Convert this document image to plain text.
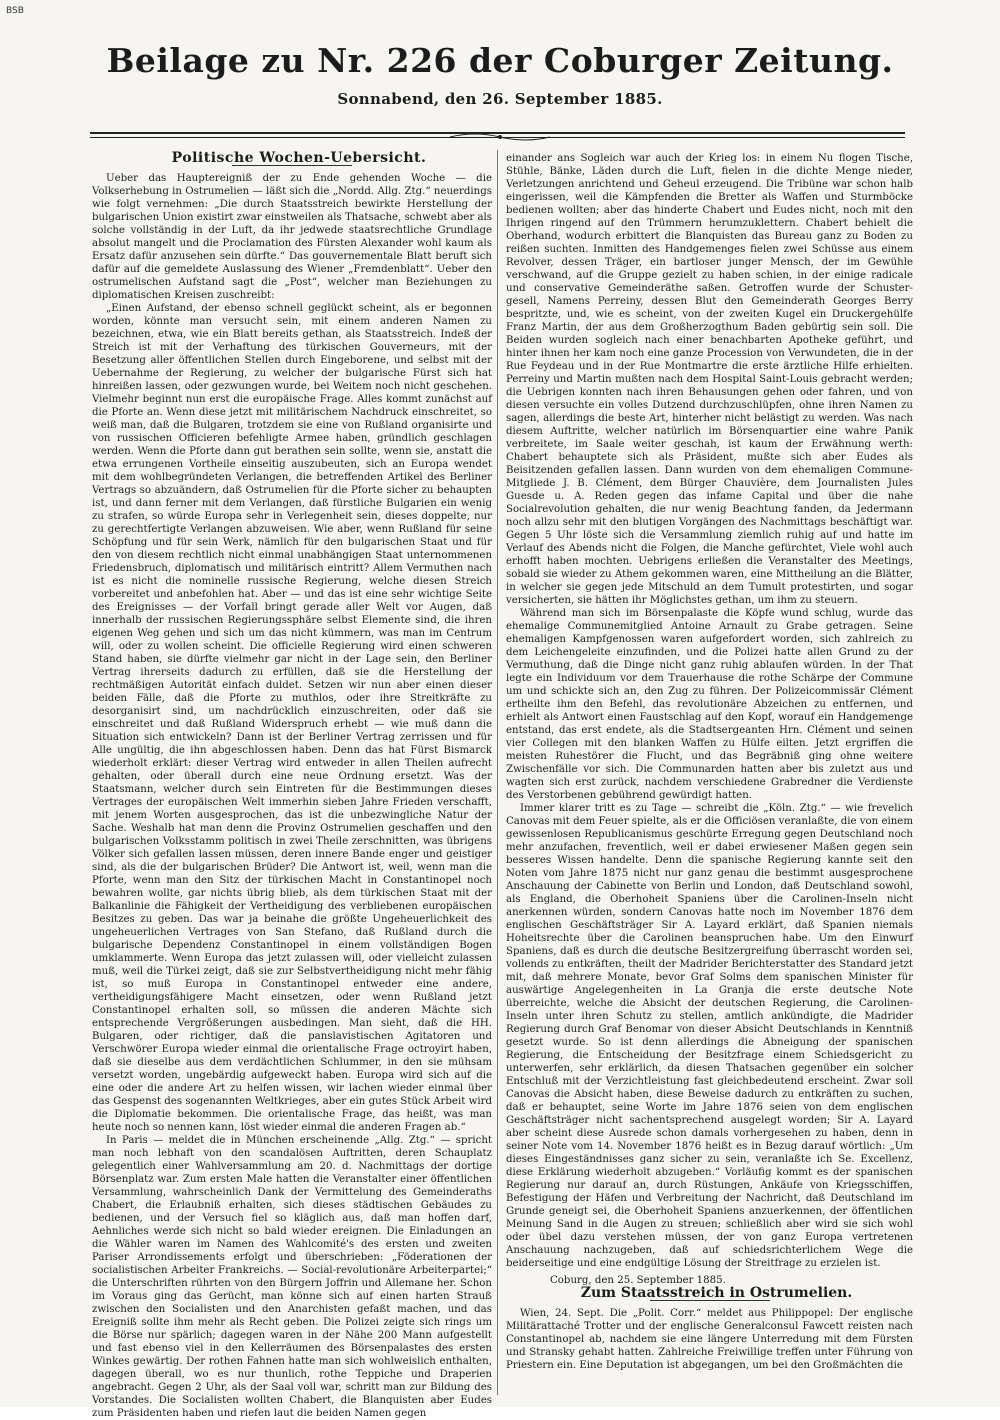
BSB
Beilage zu Nr. 226 der Coburger Zeitung.
Sonnabend, den 26. September 1885.

Politische Wochen-Uebersicht.

Ueber das Hauptereigniß der zu Ende gehenden Woche — die Volkserhebung in Ostrumelien — läßt sich die „Nordd. Allg. Ztg.“ neuerdings wie folgt vernehmen: „Die durch Staatsstreich bewirkte Herstellung der bulgarischen Union existirt zwar einstweilen als Thatsache, schwebt aber als solche vollständig in der Luft, da ihr jedwede staatsrechtliche Grundlage absolut mangelt und die Proclamation des Fürsten Alexander wohl kaum als Ersatz dafür anzusehen sein dürfte.“ Das gouvernementale Blatt beruft sich dafür auf die gemeldete Auslassung des Wiener „Fremdenblatt“. Ueber den ostrumelischen Aufstand sagt die „Post“, welcher man Beziehungen zu diplomatischen Kreisen zuschreibt:

„Einen Aufstand, der ebenso schnell geglückt scheint, als er begonnen worden, könnte man versucht sein, mit einem anderen Namen zu bezeichnen, etwa, wie ein Blatt bereits gethan, als Staatsstreich. Indeß der Streich ist mit der Verhaftung des türkischen Gouverneurs, mit der Besetzung aller öffentlichen Stellen durch Eingeborene, und selbst mit der Uebernahme der Regierung, zu welcher der bulgarische Fürst sich hat hinreißen lassen, oder gezwungen wurde, bei Weitem noch nicht geschehen. Vielmehr beginnt nun erst die europäische Frage. Alles kommt zunächst auf die Pforte an. Wenn diese jetzt mit militärischem Nachdruck einschreitet, so weiß man, daß die Bulgaren, trotzdem sie eine von Rußland organisirte und von russischen Officieren befehligte Armee haben, gründlich geschlagen werden. Wenn die Pforte dann gut berathen sein sollte, wenn sie, anstatt die etwa errungenen Vortheile einseitig auszubeuten, sich an Europa wendet mit dem wohlbegründeten Verlangen, die betreffenden Artikel des Berliner Vertrags so abzuändern, daß Ostrumelien für die Pforte sicher zu behaupten ist, und dann ferner mit dem Verlangen, daß fürstliche Bulgarien ein wenig zu strafen, so würde Europa sehr in Verlegenheit sein, dieses doppelte, nur zu gerechtfertigte Verlangen abzuweisen. Wie aber, wenn Rußland für seine Schöpfung und für sein Werk, nämlich für den bulgarischen Staat und für den von diesem rechtlich nicht einmal unabhängigen Staat unternommenen Friedensbruch, diplomatisch und militärisch eintritt? Allem Vermuthen nach ist es nicht die nominelle russische Regierung, welche diesen Streich vorbereitet und anbefohlen hat. Aber — und das ist eine sehr wichtige Seite des Ereignisses — der Vorfall bringt gerade aller Welt vor Augen, daß innerhalb der russischen Regierungssphäre selbst Elemente sind, die ihren eigenen Weg gehen und sich um das nicht kümmern, was man im Centrum will, oder zu wollen scheint. Die officielle Regierung wird einen schweren Stand haben, sie dürfte vielmehr gar nicht in der Lage sein, den Berliner Vertrag ihrerseits dadurch zu erfüllen, daß sie die Herstellung der rechtmäßigen Autorität einfach duldet. Setzen wir nun aber einen dieser beiden Fälle, daß die Pforte zu muthlos, oder ihre Streitkräfte zu desorganisirt sind, um nachdrücklich einzuschreiten, oder daß sie einschreitet und daß Rußland Widerspruch erhebt — wie muß dann die Situation sich entwickeln? Dann ist der Berliner Vertrag zerrissen und für Alle ungültig, die ihn abgeschlossen haben. Denn das hat Fürst Bismarck wiederholt erklärt: dieser Vertrag wird entweder in allen Theilen aufrecht gehalten, oder überall durch eine neue Ordnung ersetzt. Was der Staatsmann, welcher durch sein Eintreten für die Bestimmungen dieses Vertrages der europäischen Welt immerhin sieben Jahre Frieden verschafft, mit jenem Worten ausgesprochen, das ist die unbezwingliche Natur der Sache. Weshalb hat man denn die Provinz Ostrumelien geschaffen und den bulgarischen Volksstamm politisch in zwei Theile zerschnitten, was übrigens Völker sich gefallen lassen müssen, deren innere Bande enger und geistiger sind, als die der bulgarischen Brüder? Die Antwort ist, weil, wenn man die Pforte, wenn man den Sitz der türkischen Macht in Constantinopel noch bewahren wollte, gar nichts übrig blieb, als dem türkischen Staat mit der Balkanlinie die Fähigkeit der Vertheidigung des verbliebenen europäischen Besitzes zu geben. Das war ja beinahe die größte Ungeheuerlichkeit des ungeheuerlichen Vertrages von San Stefano, daß Rußland durch die bulgarische Dependenz Constantinopel in einem vollständigen Bogen umklammerte. Wenn Europa das jetzt zulassen will, oder vielleicht zulassen muß, weil die Türkei zeigt, daß sie zur Selbstvertheidigung nicht mehr fähig ist, so muß Europa in Constantinopel entweder eine andere, vertheidigungsfähigere Macht einsetzen, oder wenn Rußland jetzt Constantinopel erhalten soll, so müssen die anderen Mächte sich entsprechende Vergrößerungen ausbedingen. Man sieht, daß die HH. Bulgaren, oder richtiger, daß die panslavistischen Agitatoren und Verschwörer Europa wieder einmal die orientalische Frage octroyirt haben, daß sie dieselbe aus dem verdächtlichen Schlummer, in den sie mühsam versetzt worden, ungebärdig aufgeweckt haben. Europa wird sich auf die eine oder die andere Art zu helfen wissen, wir lachen wieder einmal über das Gespenst des sogenannten Weltkrieges, aber ein gutes Stück Arbeit wird die Diplomatie bekommen. Die orientalische Frage, das heißt, was man heute noch so nennen kann, löst wieder einmal die anderen Fragen ab.“

In Paris — meldet die in München erscheinende „Allg. Ztg.“ — spricht man noch lebhaft von den scandalösen Auftritten, deren Schauplatz gelegentlich einer Wahlversammlung am 20. d. Nachmittags der dortige Börsenplatz war. Zum ersten Male hatten die Veranstalter einer öffentlichen Versammlung, wahrscheinlich Dank der Vermittelung des Gemeinderaths Chabert, die Erlaubniß erhalten, sich dieses städtischen Gebäudes zu bedienen, und der Versuch fiel so kläglich aus, daß man hoffen darf, Aehnliches werde sich nicht so bald wieder ereignen. Die Einladungen an die Wähler waren im Namen des Wahlcomité's des ersten und zweiten Pariser Arrondissements erfolgt und überschrieben: „Föderationen der socialistischen Arbeiter Frankreichs. — Social-revolutionäre Arbeiterpartei;“ die Unterschriften rührten von den Bürgern Joffrin und Allemane her. Schon im Voraus ging das Gerücht, man könne sich auf einen harten Strauß zwischen den Socialisten und den Anarchisten gefaßt machen, und das Ereigniß sollte ihm mehr als Recht geben. Die Polizei zeigte sich rings um die Börse nur spärlich; dagegen waren in der Nähe 200 Mann aufgestellt und fast ebenso viel in den Kellerräumen des Börsenpalastes des ersten Winkes gewärtig. Der rothen Fahnen hatte man sich wohlweislich enthalten, dagegen überall, wo es nur thunlich, rothe Teppiche und Draperien angebracht. Gegen 2 Uhr, als der Saal voll war, schritt man zur Bildung des Vorstandes. Die Socialisten wollten Chabert, die Blanquisten aber Eudes zum Präsidenten haben und riefen laut die beiden Namen gegen

einander ans Sogleich war auch der Krieg los: in einem Nu flogen Tische, Stühle, Bänke, Läden durch die Luft, fielen in die dichte Menge nieder, Verletzungen anrichtend und Geheul erzeugend. Die Tribüne war schon halb eingerissen, weil die Kämpfenden die Bretter als Waffen und Sturmböcke bedienen wollten; aber das hinderte Chabert und Eudes nicht, noch mit den Ihrigen ringend auf den Trümmern herumzuklettern. Chabert behielt die Oberhand, wodurch erbittert die Blanquisten das Bureau ganz zu Boden zu reißen suchten. Inmitten des Handgemenges fielen zwei Schüsse aus einem Revolver, dessen Träger, ein bartloser junger Mensch, der im Gewühle verschwand, auf die Gruppe gezielt zu haben schien, in der einige radicale und conservative Gemeinderäthe saßen. Getroffen wurde der Schuster- gesell, Namens Perreiny, dessen Blut den Gemeinderath Georges Berry bespritzte, und, wie es scheint, von der zweiten Kugel ein Druckergehülfe Franz Martin, der aus dem Großherzogthum Baden gebürtig sein soll. Die Beiden wurden sogleich nach einer benachbarten Apotheke geführt, und hinter ihnen her kam noch eine ganze Procession von Verwundeten, die in der Rue Feydeau und in der Rue Montmartre die erste ärztliche Hilfe erhielten. Perreiny und Martin mußten nach dem Hospital Saint-Louis gebracht werden; die Uebrigen konnten nach ihren Behausungen gehen oder fahren, und von diesen versuchte ein volles Dutzend durchzuschlüpfen, ohne ihren Namen zu sagen, allerdings die beste Art, hinterher nicht belästigt zu werden. Was nach diesem Auftritte, welcher natürlich im Börsenquartier eine wahre Panik verbreitete, im Saale weiter geschah, ist kaum der Erwähnung werth: Chabert behauptete sich als Präsident, mußte sich aber Eudes als Beisitzenden gefallen lassen. Dann wurden von dem ehemaligen Commune-Mitgliede J. B. Clément, dem Bürger Chauvière, dem Journalisten Jules Guesde u. A. Reden gegen das infame Capital und über die nahe Socialrevolution gehalten, die nur wenig Beachtung fanden, da Jedermann noch allzu sehr mit den blutigen Vorgängen des Nachmittags beschäftigt war. Gegen 5 Uhr löste sich die Versammlung ziemlich ruhig auf und hatte im Verlauf des Abends nicht die Folgen, die Manche gefürchtet, Viele wohl auch erhofft haben mochten. Uebrigens erließen die Veranstalter des Meetings, sobald sie wieder zu Athem gekommen waren, eine Mittheilung an die Blätter, in welcher sie gegen jede Mitschuld an dem Tumult protestirten, und sogar versicherten, sie hätten ihr Möglichstes gethan, um ihm zu steuern.

Während man sich im Börsenpalaste die Köpfe wund schlug, wurde das ehemalige Communemitglied Antoine Arnault zu Grabe getragen. Seine ehemaligen Kampfgenossen waren aufgefordert worden, sich zahlreich zu dem Leichengeleite einzufinden, und die Polizei hatte allen Grund zu der Vermuthung, daß die Dinge nicht ganz ruhig ablaufen würden. In der That legte ein Individuum vor dem Trauerhause die rothe Schärpe der Commune um und schickte sich an, den Zug zu führen. Der Polizeicommissär Clément ertheilte ihm den Befehl, das revolutionäre Abzeichen zu entfernen, und erhielt als Antwort einen Faustschlag auf den Kopf, worauf ein Handgemenge entstand, das erst endete, als die Stadtsergeanten Hrn. Clément und seinen vier Collegen mit den blanken Waffen zu Hülfe eilten. Jetzt ergriffen die meisten Ruhestörer die Flucht, und das Begräbniß ging ohne weitere Zwischenfälle vor sich. Die Communarden hatten aber bis zuletzt aus und wagten sich erst zurück, nachdem verschiedene Grabredner die Verdienste des Verstorbenen gebührend gewürdigt hatten.

Immer klarer tritt es zu Tage — schreibt die „Köln. Ztg.“ — wie frevelich Canovas mit dem Feuer spielte, als er die Officiösen veranlaßte, die von einem gewissenlosen Republicanismus geschürte Erregung gegen Deutschland noch mehr anzufachen, freventlich, weil er dabei erwiesener Maßen gegen sein besseres Wissen handelte. Denn die spanische Regierung kannte seit den Noten vom Jahre 1875 nicht nur ganz genau die bestimmt ausgesprochene Anschauung der Cabinette von Berlin und London, daß Deutschland sowohl, als England, die Oberhoheit Spaniens über die Carolinen-Inseln nicht anerkennen würden, sondern Canovas hatte noch im November 1876 dem englischen Geschäftsträger Sir A. Layard erklärt, daß Spanien niemals Hoheitsrechte über die Carolinen beanspruchen habe. Um den Einwurf Spaniens, daß es durch die deutsche Besitzergreifung überrascht worden sei, vollends zu entkräften, theilt der Madrider Berichterstatter des Standard jetzt mit, daß mehrere Monate, bevor Graf Solms dem spanischen Minister für auswärtige Angelegenheiten in La Granja die erste deutsche Note überreichte, welche die Absicht der deutschen Regierung, die Carolinen-Inseln unter ihren Schutz zu stellen, amtlich ankündigte, die Madrider Regierung durch Graf Benomar von dieser Absicht Deutschlands in Kenntniß gesetzt wurde. So ist denn allerdings die Abneigung der spanischen Regierung, die Entscheidung der Besitzfrage einem Schiedsgericht zu unterwerfen, sehr erklärlich, da diesen Thatsachen gegenüber ein solcher Entschluß mit der Verzichtleistung fast gleichbedeutend erscheint. Zwar soll Canovas die Absicht haben, diese Beweise dadurch zu entkräften zu suchen, daß er behauptet, seine Worte im Jahre 1876 seien von dem englischen Geschäftsträger nicht sachentsprechend ausgelegt worden; Sir A. Layard aber scheint diese Ausrede schon damals vorhergesehen zu haben, denn in seiner Note vom 14. November 1876 heißt es in Bezug darauf wörtlich: „Um dieses Eingeständnisses ganz sicher zu sein, veranlaßte ich Se. Excellenz, diese Erklärung wiederholt abzugeben.“ Vorläufig kommt es der spanischen Regierung nur darauf an, durch Rüstungen, Ankäufe von Kriegsschiffen, Befestigung der Häfen und Verbreitung der Nachricht, daß Deutschland im Grunde geneigt sei, die Oberhoheit Spaniens anzuerkennen, der öffentlichen Meinung Sand in die Augen zu streuen; schließlich aber wird sie sich wohl oder übel dazu verstehen müssen, der von ganz Europa vertretenen Anschauung nachzugeben, daß auf schiedsrichterlichem Wege die beiderseitige und eine endgültige Lösung der Streitfrage zu erzielen ist.

Coburg, den 25. September 1885.

Zum Staatsstreich in Ostrumelien.

Wien, 24. Sept. Die „Polit. Corr.“ meldet aus Philippopel: Der englische Militärattaché Trotter und der englische Generalconsul Fawcett reisten nach Constantinopel ab, nachdem sie eine längere Unterredung mit dem Fürsten und Stransky gehabt hatten. Zahlreiche Freiwillige treffen unter Führung von Priestern ein. Eine Deputation ist abgegangen, um bei den Großmächten die
